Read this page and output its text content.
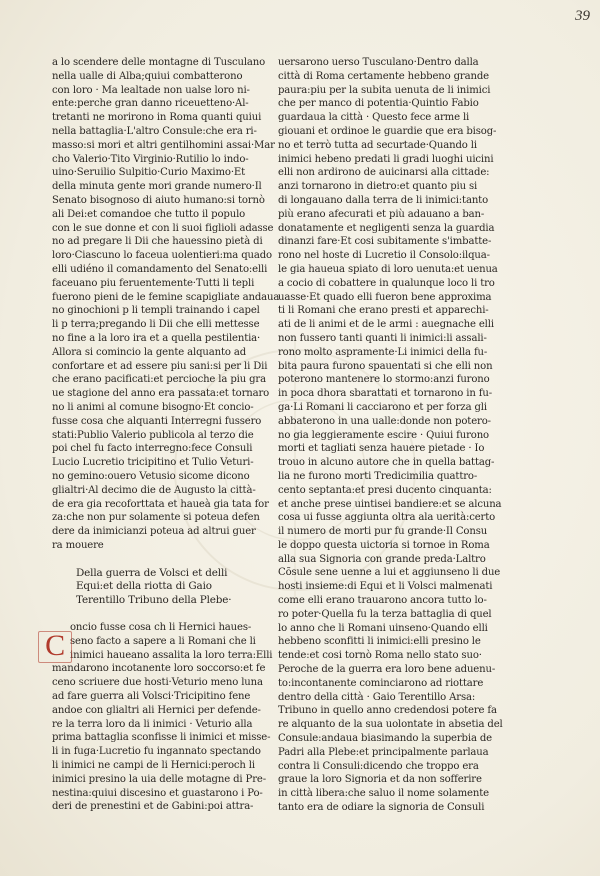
39
a lo scendere delle montagne di Tusculano
nella ualle di Alba;quiui combatterono
con loro · Ma lealtade non ualse loro ni-
ente:perche gran danno riceuetteno·Al-
tretanti ne morirono in Roma quanti quiui
nella battaglia·L'altro Consule:che era ri-
masso:si mori et altri gentilhomini assai·Mar
cho Valerio·Tito Virginio·Rutilio lo indo-
uino·Seruilio Sulpitio·Curio Maximo·Et
della minuta gente mori grande numero·Il
Senato bisognoso di aiuto humano:si tornò
ali Dei:et comandoe che tutto il populo
con le sue donne et con li suoi figlioli adasse
no ad pregare li Dii che hauessino pietà di
loro·Ciascuno lo faceua uolentieri:ma quado
elli udiéno il comandamento del Senato:elli
faceuano piu feruentemente·Tutti li tepli
fuerono pieni de le femine scapigliate andaua
no ginochioni p li templi trainando i capel
li p terra;pregando li Dii che elli mettesse
no fine a la loro ira et a quella pestilentia·
Allora si comincio la gente alquanto ad
confortare et ad essere piu sani:si per li Dii
che erano pacificati:et percioche la piu gra
ue stagione del anno era passata:et tornaro
no li animi al comune bisogno·Et concio-
fusse cosa che alquanti Interregni fussero
stati:Publio Valerio publicola al terzo die
poi chel fu facto interregno:fece Consuli
Lucio Lucretio tricipitino et Tulio Veturi-
no gemino:ouero Vetusio sicome dicono
glialtri·Al decimo die de Augusto la città-
de era gia recoforttata et haueà gia tata for
za:che non pur solamente si poteua defen
dere da inimicianzi poteua ad altrui guer
ra mouere
Della guerra de Volsci et delli
Equi:et della riotta di Gaio
Terentillo Tribuno della Plebe·
C
oncio fusse cosa ch li Hernici haues-
seno facto a sapere a li Romani che li
inimici haueano assalita la loro terra:Elli
mandarono incotanente loro soccorso:et fe
ceno scriuere due hosti·Veturio meno luna
ad fare guerra ali Volsci·Tricipitino fene
andoe con glialtri ali Hernici per defende-
re la terra loro da li inimici · Veturio alla
prima battaglia sconfisse li inimici et misse-
li in fuga·Lucretio fu ingannato spectando
li inimici ne campi de li Hernici:peroch li
inimici presino la uia delle motagne di Pre-
nestina:quiui discesino et guastarono i Po-
deri de prenestini et de Gabini:poi attra-
uersarono uerso Tusculano·Dentro dalla
città di Roma certamente hebbeno grande
paura:piu per la subita uenuta de li inimici
che per manco di potentia·Quintio Fabio
guardaua la città · Questo fece arme li
giouani et ordinoe le guardie que era bisog-
no et terrò tutta ad securtade·Quando li
inimici hebeno predati li gradi luoghi uicini
elli non ardirono de auicinarsi alla cittade:
anzi tornarono in dietro:et quanto piu si
di longauano dalla terra de li inimici:tanto
più erano afecurati et più adauano a ban-
donatamente et negligenti senza la guardia
dinanzi fare·Et cosi subitamente s'imbatte-
rono nel hoste di Lucretio il Consolo:ilqua-
le gia haueua spiato di loro uenuta:et uenua
a cocio di cobattere in qualunque loco li tro
uasse·Et quado elli fueron bene approxima
ti li Romani che erano presti et apparechi-
ati de li animi et de le armi : auegnache elli
non fussero tanti quanti li inimici:li assali-
rono molto aspramente·Li inimici della fu-
bita paura furono spauentati si che elli non
poterono mantenere lo stormo:anzi furono
in poca dhora sbarattati et tornarono in fu-
ga·Li Romani li cacciarono et per forza gli
abbaterono in una ualle:donde non potero-
no gia leggieramente escire · Quiui furono
morti et tagliati senza hauere pietade · Io
trouo in alcuno autore che in quella battag-
lia ne furono morti Tredicimilia quattro-
cento septanta:et presi ducento cinquanta:
et anche prese uintisei bandiere:et se alcuna
cosa ui fusse aggiunta oltra ala uerità:certo
il numero de morti pur fu grande·Il Consu
le doppo questa uictoria si tornoe in Roma
alla sua Signoria con grande preda·Laltro
Cõsule sene uenne a lui et aggiunseno li due
hosti insieme:di Equi et li Volsci malmenati
come elli erano trauarono ancora tutto lo-
ro poter·Quella fu la terza battaglia di quel
lo anno che li Romani uinseno·Quando elli
hebbeno sconfitti li inimici:elli presino le
tende:et cosi tornò Roma nello stato suo·
Peroche de la guerra era loro bene aduenu-
to:incontanente cominciarono ad riottare
dentro della città · Gaio Terentillo Arsa:
Tribuno in quello anno credendosi potere fa
re alquanto de la sua uolontate in absetia del
Consule:andaua biasimando la superbia de
Padri alla Plebe:et principalmente parlaua
contra li Consuli:dicendo che troppo era
graue la loro Signoria et da non sofferire
in città libera:che saluo il nome solamente
tanto era de odiare la signoria de Consuli
